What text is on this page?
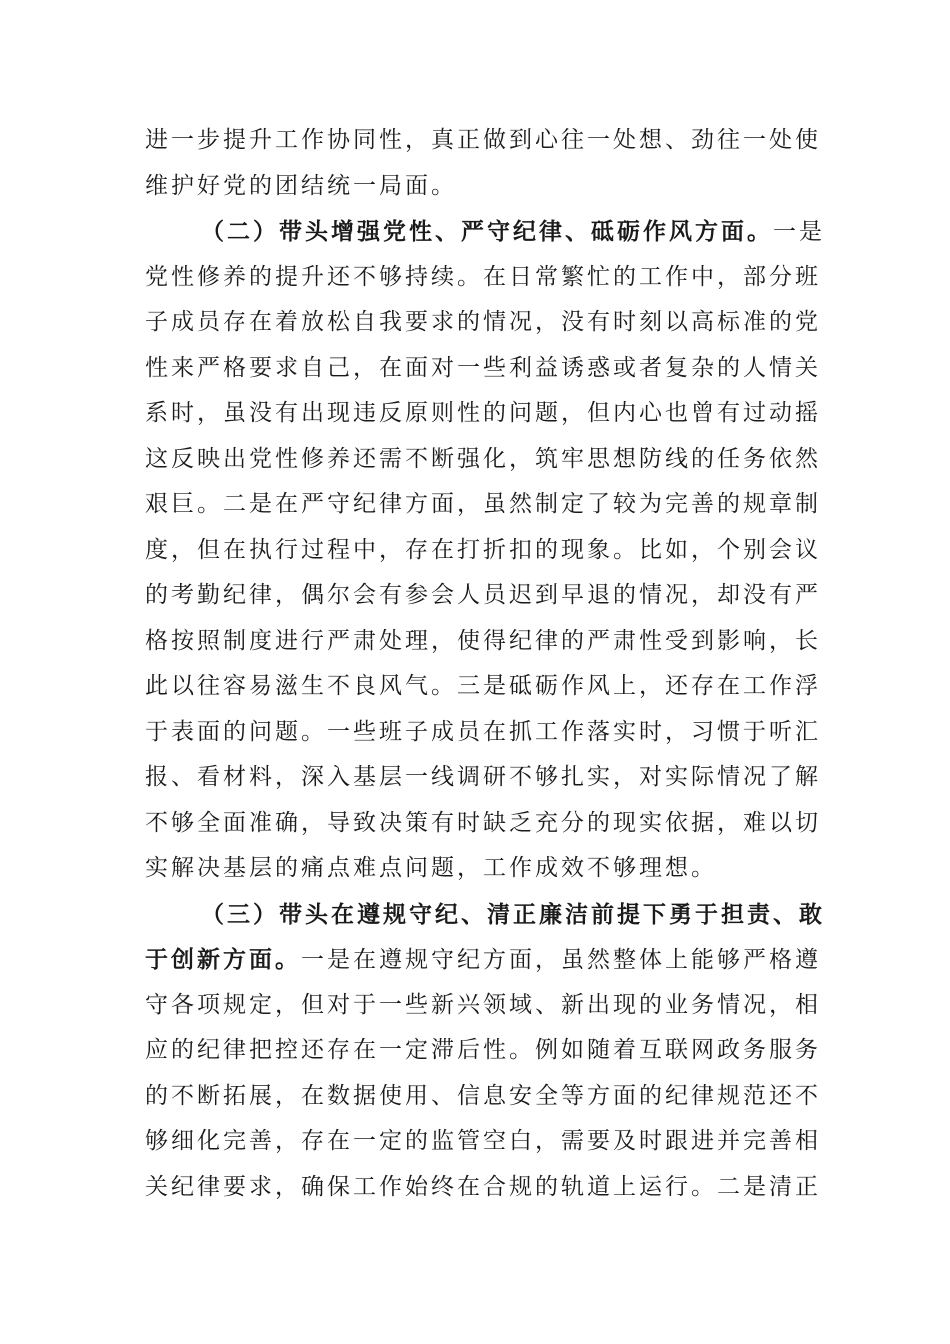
进一步提升工作协同性，真正做到心往一处想、劲往一处使
维护好党的团结统一局面。
（二）带头增强党性、严守纪律、砥砺作风方面。一是
党性修养的提升还不够持续。在日常繁忙的工作中，部分班
子成员存在着放松自我要求的情况，没有时刻以高标准的党
性来严格要求自己，在面对一些利益诱惑或者复杂的人情关
系时，虽没有出现违反原则性的问题，但内心也曾有过动摇
这反映出党性修养还需不断强化，筑牢思想防线的任务依然
艰巨。二是在严守纪律方面，虽然制定了较为完善的规章制
度，但在执行过程中，存在打折扣的现象。比如，个别会议
的考勤纪律，偶尔会有参会人员迟到早退的情况，却没有严
格按照制度进行严肃处理，使得纪律的严肃性受到影响，长
此以往容易滋生不良风气。三是砥砺作风上，还存在工作浮
于表面的问题。一些班子成员在抓工作落实时，习惯于听汇
报、看材料，深入基层一线调研不够扎实，对实际情况了解
不够全面准确，导致决策有时缺乏充分的现实依据，难以切
实解决基层的痛点难点问题，工作成效不够理想。
（三）带头在遵规守纪、清正廉洁前提下勇于担责、敢
于创新方面。一是在遵规守纪方面，虽然整体上能够严格遵
守各项规定，但对于一些新兴领域、新出现的业务情况，相
应的纪律把控还存在一定滞后性。例如随着互联网政务服务
的不断拓展，在数据使用、信息安全等方面的纪律规范还不
够细化完善，存在一定的监管空白，需要及时跟进并完善相
关纪律要求，确保工作始终在合规的轨道上运行。二是清正
